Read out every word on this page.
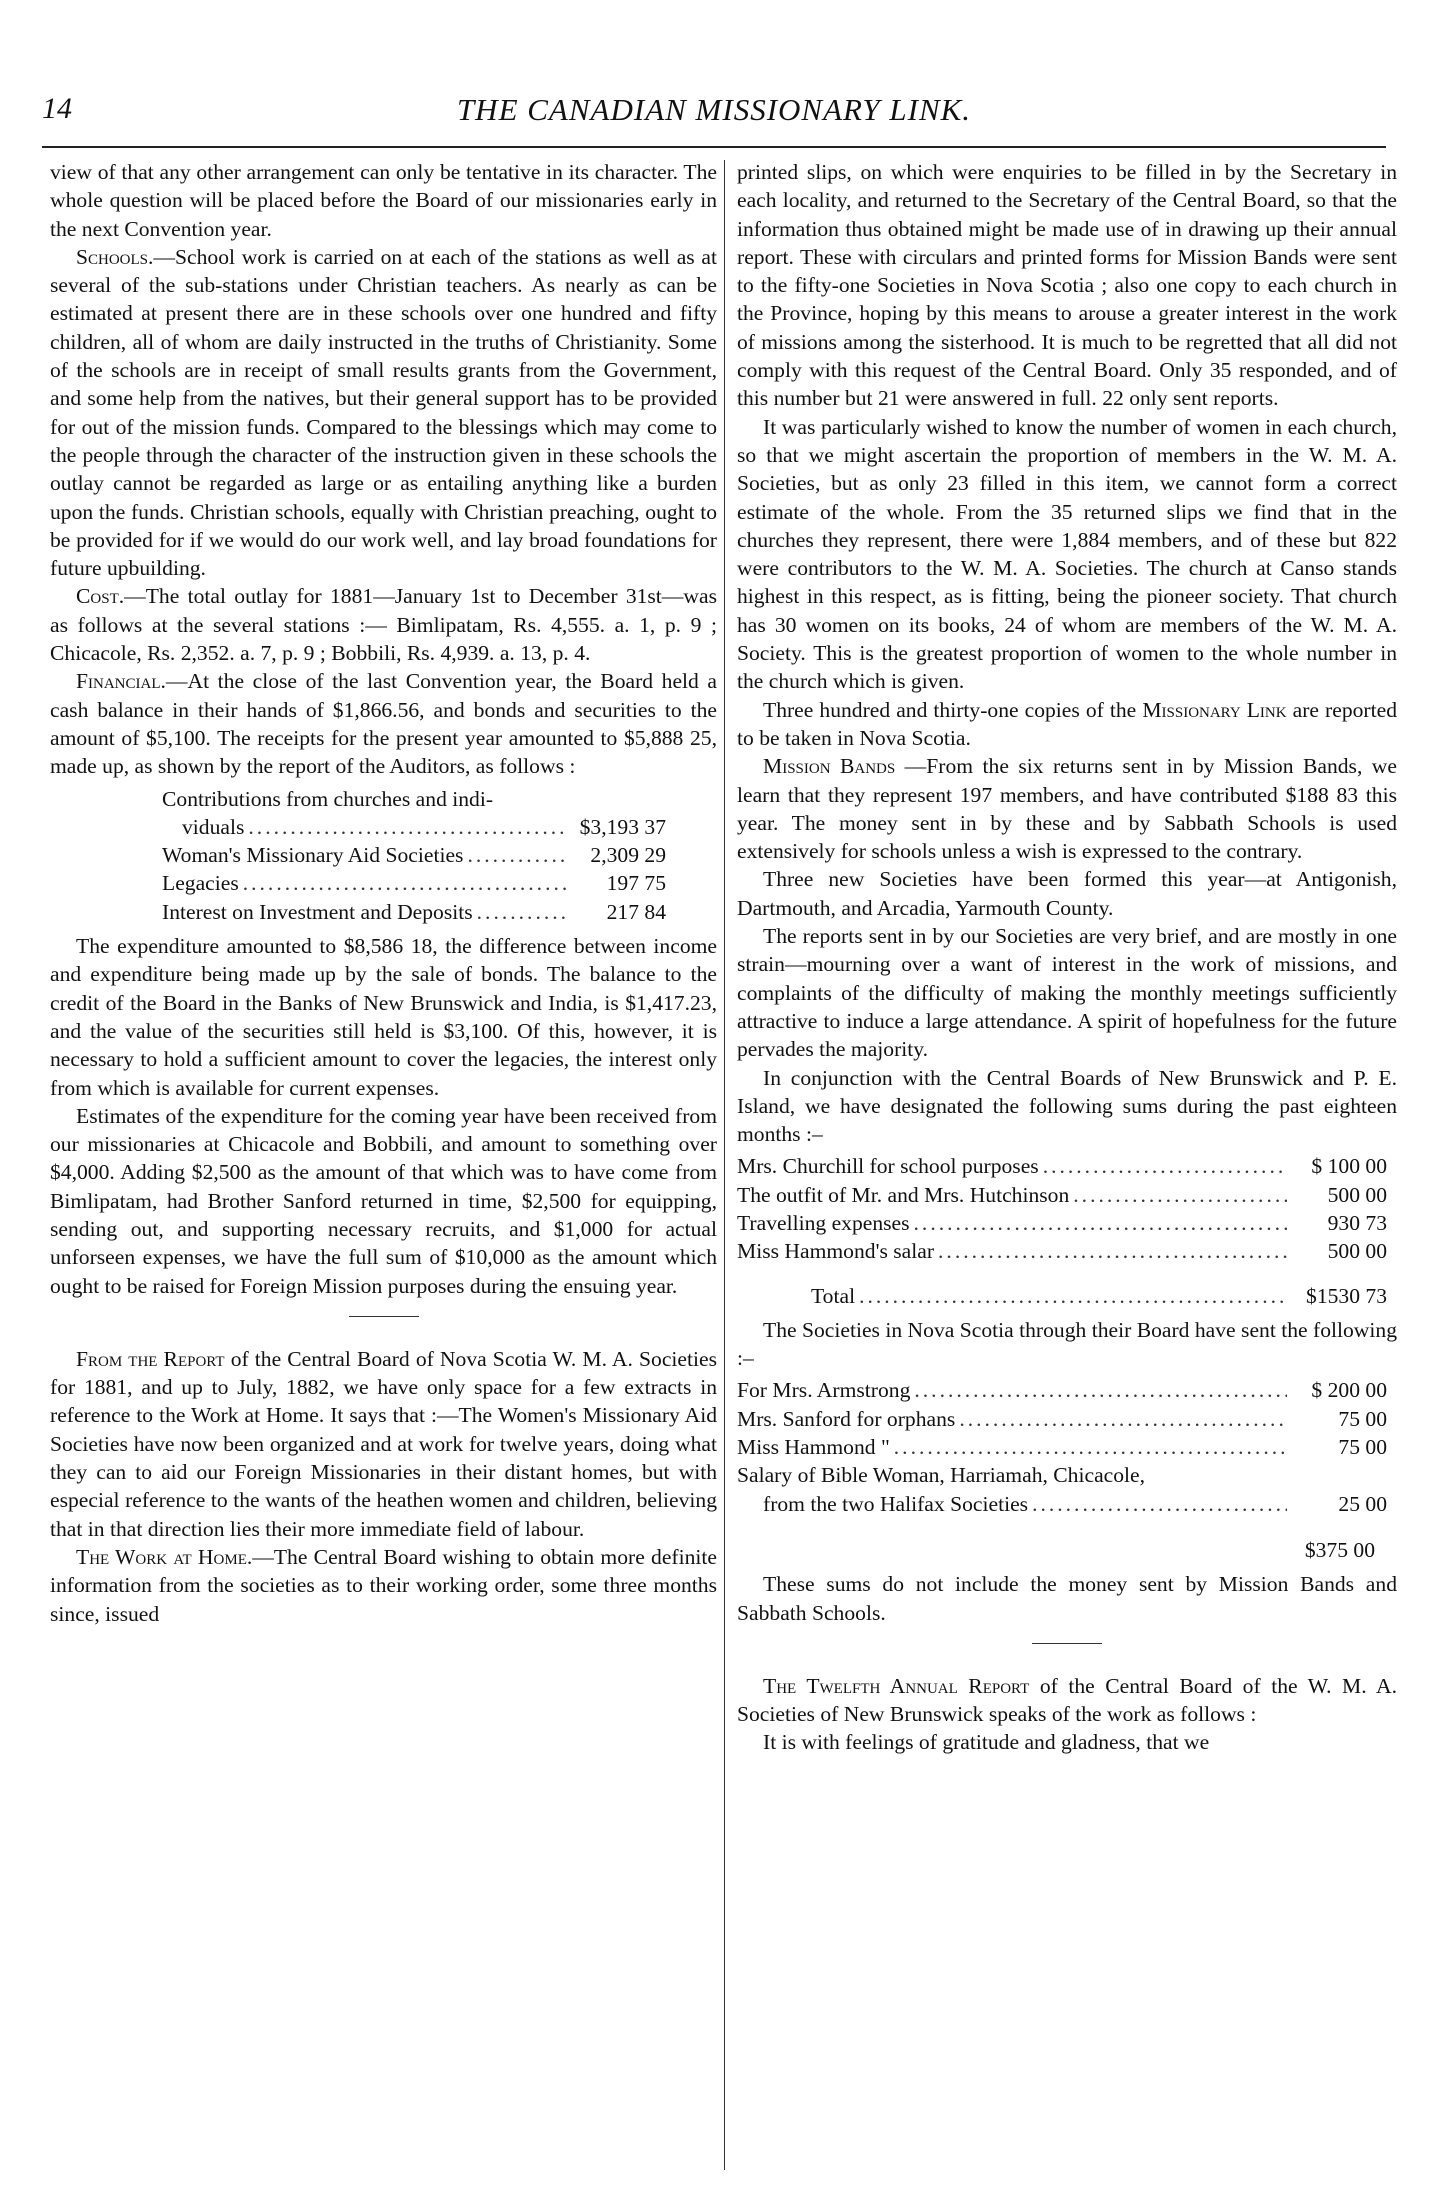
14	THE CANADIAN MISSIONARY LINK.

view of that any other arrangement can only be tentative in its character. The whole question will be placed before the Board of our missionaries early in the next Convention year.

Schools.—School work is carried on at each of the stations as well as at several of the sub-stations under Christian teachers. As nearly as can be estimated at present there are in these schools over one hundred and fifty children, all of whom are daily instructed in the truths of Christianity. Some of the schools are in receipt of small results grants from the Government, and some help from the natives, but their general support has to be provided for out of the mission funds. Compared to the blessings which may come to the people through the character of the instruction given in these schools the outlay cannot be regarded as large or as entailing anything like a burden upon the funds. Christian schools, equally with Christian preaching, ought to be provided for if we would do our work well, and lay broad foundations for future upbuilding.

Cost.—The total outlay for 1881—January 1st to December 31st—was as follows at the several stations :— Bimlipatam, Rs. 4,555. a. 1, p. 9 ; Chicacole, Rs. 2,352. a. 7, p. 9 ; Bobbili, Rs. 4,939. a. 13, p. 4.

Financial.—At the close of the last Convention year, the Board held a cash balance in their hands of $1,866.56, and bonds and securities to the amount of $5,100. The receipts for the present year amounted to $5,888 25, made up, as shown by the report of the Auditors, as follows :

Contributions from churches and indi-
viduals .....	$3,193 37
Woman's Missionary Aid Societies .....	2,309 29
Legacies .....	197 75
Interest on Investment and Deposits .....	217 84

The expenditure amounted to $8,586 18, the difference between income and expenditure being made up by the sale of bonds. The balance to the credit of the Board in the Banks of New Brunswick and India, is $1,417.23, and the value of the securities still held is $3,100. Of this, however, it is necessary to hold a sufficient amount to cover the legacies, the interest only from which is available for current expenses.

Estimates of the expenditure for the coming year have been received from our missionaries at Chicacole and Bobbili, and amount to something over $4,000. Adding $2,500 as the amount of that which was to have come from Bimlipatam, had Brother Sanford returned in time, $2,500 for equipping, sending out, and supporting necessary recruits, and $1,000 for actual unforseen expenses, we have the full sum of $10,000 as the amount which ought to be raised for Foreign Mission purposes during the ensuing year.

From the Report of the Central Board of Nova Scotia W. M. A. Societies for 1881, and up to July, 1882, we have only space for a few extracts in reference to the Work at Home. It says that :—The Women's Missionary Aid Societies have now been organized and at work for twelve years, doing what they can to aid our Foreign Missionaries in their distant homes, but with especial reference to the wants of the heathen women and children, believing that in that direction lies their more immediate field of labour.

The Work at Home.—The Central Board wishing to obtain more definite information from the societies as to their working order, some three months since, issued

printed slips, on which were enquiries to be filled in by the Secretary in each locality, and returned to the Secretary of the Central Board, so that the information thus obtained might be made use of in drawing up their annual report. These with circulars and printed forms for Mission Bands were sent to the fifty-one Societies in Nova Scotia ; also one copy to each church in the Province, hoping by this means to arouse a greater interest in the work of missions among the sisterhood. It is much to be regretted that all did not comply with this request of the Central Board. Only 35 responded, and of this number but 21 were answered in full. 22 only sent reports.

It was particularly wished to know the number of women in each church, so that we might ascertain the proportion of members in the W. M. A. Societies, but as only 23 filled in this item, we cannot form a correct estimate of the whole. From the 35 returned slips we find that in the churches they represent, there were 1,884 members, and of these but 822 were contributors to the W. M. A. Societies. The church at Canso stands highest in this respect, as is fitting, being the pioneer society. That church has 30 women on its books, 24 of whom are members of the W. M. A. Society. This is the greatest proportion of women to the whole number in the church which is given.

Three hundred and thirty-one copies of the Missionary Link are reported to be taken in Nova Scotia.

Mission Bands —From the six returns sent in by Mission Bands, we learn that they represent 197 members, and have contributed $188 83 this year. The money sent in by these and by Sabbath Schools is used extensively for schools unless a wish is expressed to the contrary.

Three new Societies have been formed this year—at Antigonish, Dartmouth, and Arcadia, Yarmouth County.

The reports sent in by our Societies are very brief, and are mostly in one strain—mourning over a want of interest in the work of missions, and complaints of the difficulty of making the monthly meetings sufficiently attractive to induce a large attendance. A spirit of hopefulness for the future pervades the majority.

In conjunction with the Central Boards of New Brunswick and P. E. Island, we have designated the following sums during the past eighteen months :–

Mrs. Churchill for school purposes .....	$ 100 00
The outfit of Mr. and Mrs. Hutchinson .....	500 00
Travelling expenses .....	930 73
Miss Hammond's salar .....	500 00
Total .....	$1530 73

The Societies in Nova Scotia through their Board have sent the following :–

For Mrs. Armstrong .....	$ 200 00
Mrs. Sanford for orphans .....	75 00
Miss Hammond " .....	75 00
Salary of Bible Woman, Harriamah, Chicacole,
from the two Halifax Societies .....	25 00
$375 00

These sums do not include the money sent by Mission Bands and Sabbath Schools.

The Twelfth Annual Report of the Central Board of the W. M. A. Societies of New Brunswick speaks of the work as follows :

It is with feelings of gratitude and gladness, that we
